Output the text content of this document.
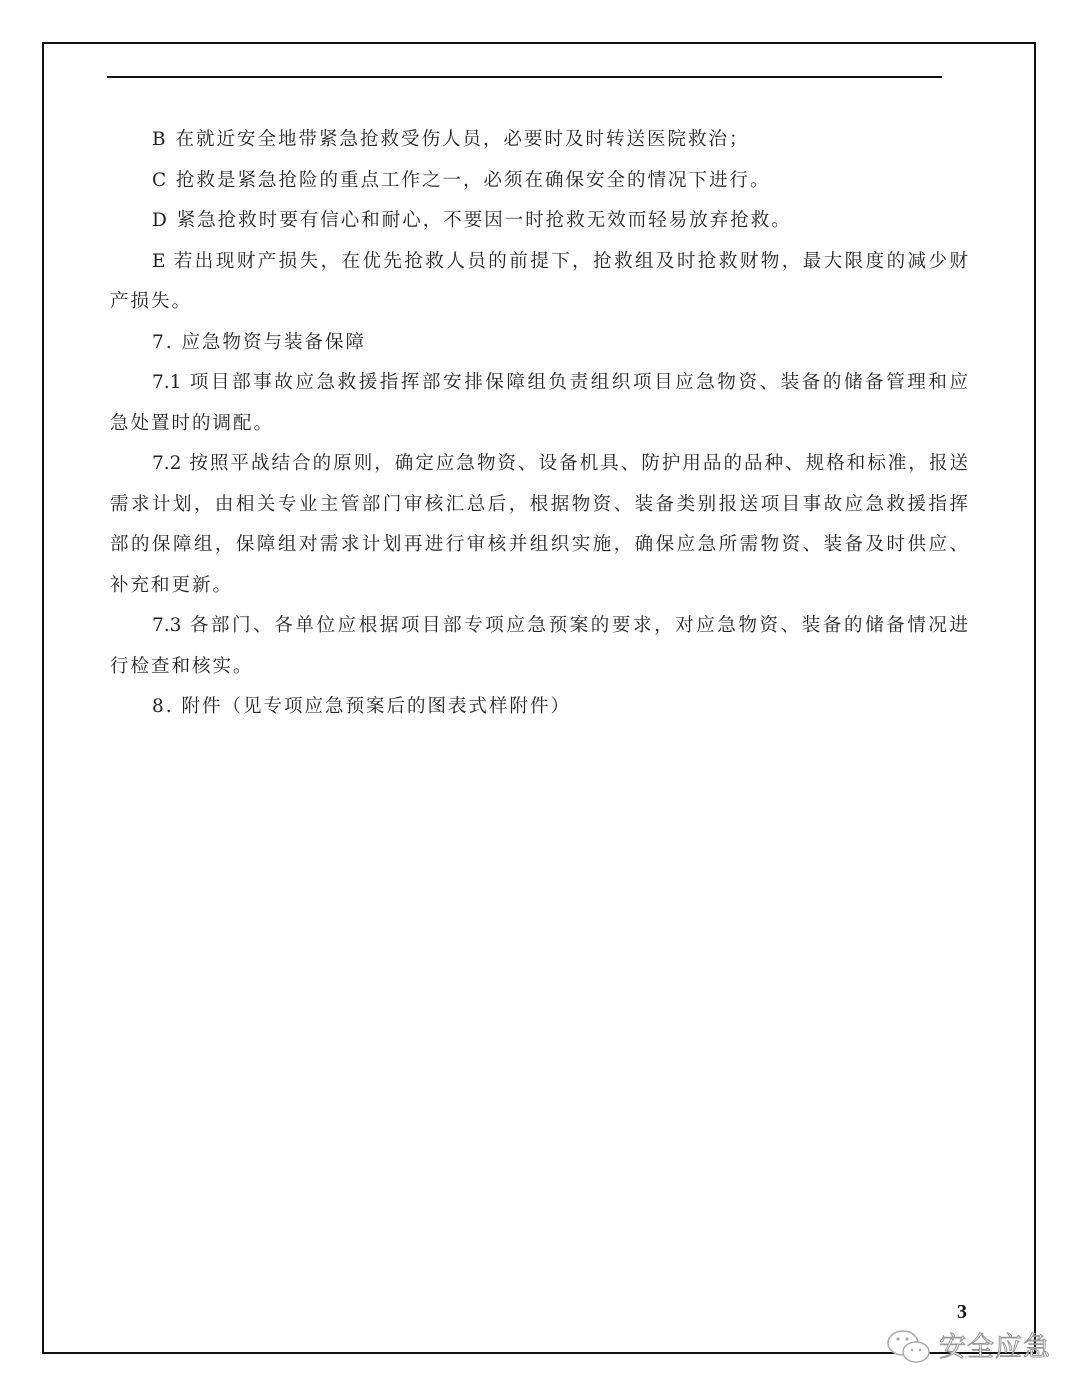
B 在就近安全地带紧急抢救受伤人员，必要时及时转送医院救治；
C 抢救是紧急抢险的重点工作之一，必须在确保安全的情况下进行。
D 紧急抢救时要有信心和耐心，不要因一时抢救无效而轻易放弃抢救。
E 若出现财产损失，在优先抢救人员的前提下，抢救组及时抢救财物，最大限度的减少财
产损失。
7. 应急物资与装备保障
7.1 项目部事故应急救援指挥部安排保障组负责组织项目应急物资、装备的储备管理和应
急处置时的调配。
7.2 按照平战结合的原则，确定应急物资、设备机具、防护用品的品种、规格和标准，报送
需求计划，由相关专业主管部门审核汇总后，根据物资、装备类别报送项目事故应急救援指挥
部的保障组，保障组对需求计划再进行审核并组织实施，确保应急所需物资、装备及时供应、
补充和更新。
7.3 各部门、各单位应根据项目部专项应急预案的要求，对应急物资、装备的储备情况进
行检查和核实。
8. 附件（见专项应急预案后的图表式样附件）
3
安全应急
